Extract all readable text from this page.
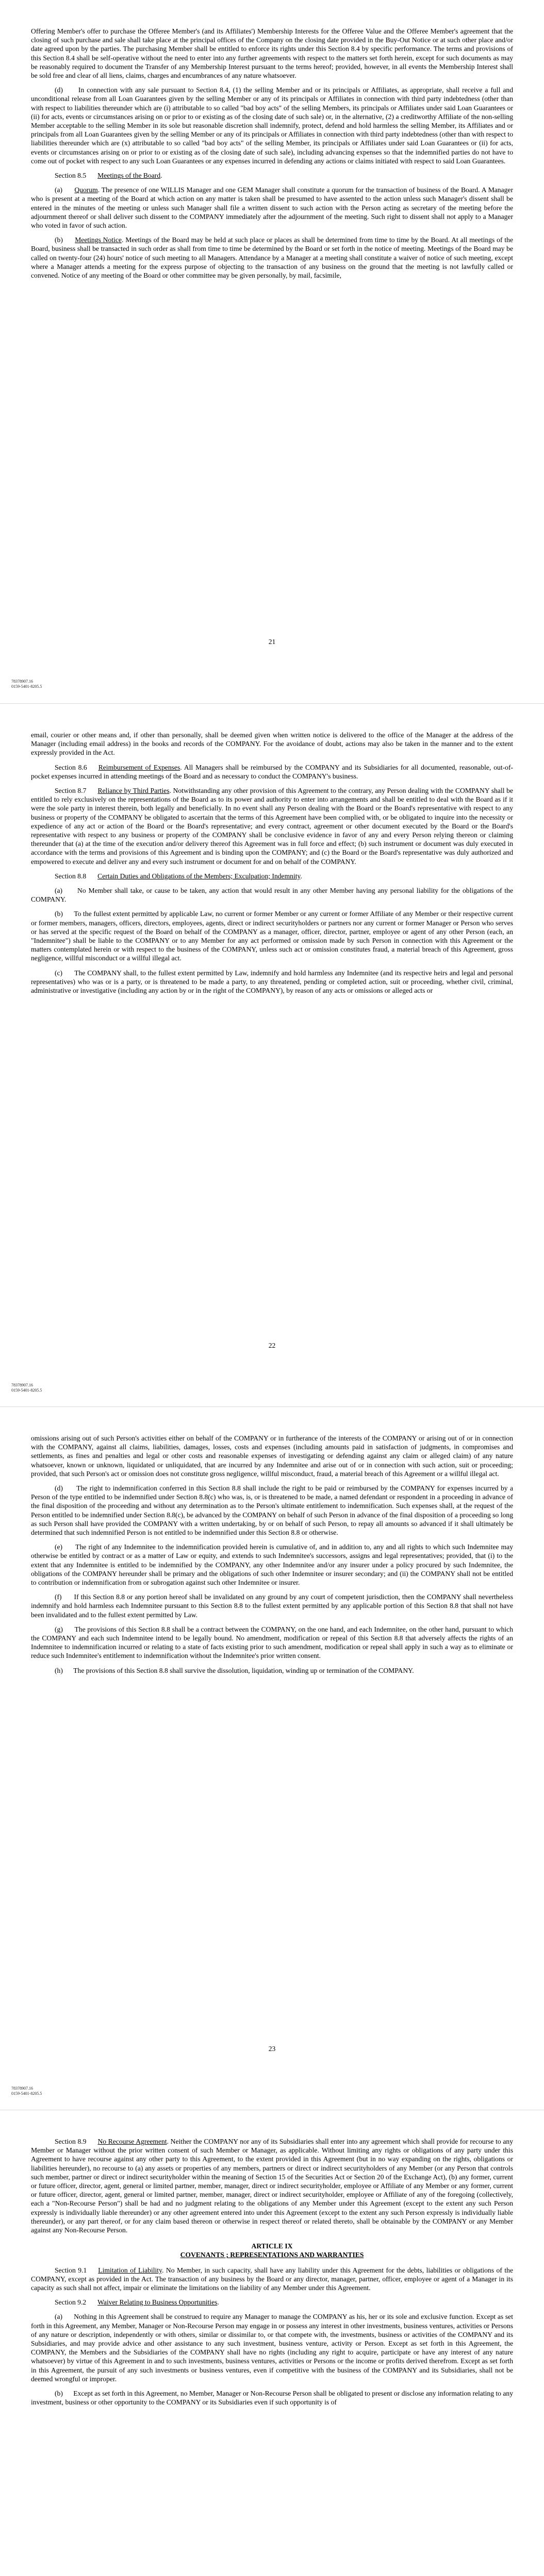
Offering Member's offer to purchase the Offeree Member's (and its Affiliates') Membership Interests for the Offeree Value and the Offeree Member's agreement that the closing of such purchase and sale shall take place at the principal offices of the Company on the closing date provided in the Buy-Out Notice or at such other place and/or date agreed upon by the parties. The purchasing Member shall be entitled to enforce its rights under this Section 8.4 by specific performance. The terms and provisions of this Section 8.4 shall be self-operative without the need to enter into any further agreements with respect to the matters set forth herein, except for such documents as may be reasonably required to document the Transfer of any Membership Interest pursuant to the terms hereof; provided, however, in all events the Membership Interest shall be sold free and clear of all liens, claims, charges and encumbrances of any nature whatsoever.

(d)      In connection with any sale pursuant to Section 8.4, (1) the selling Member and or its principals or Affiliates, as appropriate, shall receive a full and unconditional release from all Loan Guarantees given by the selling Member or any of its principals or Affiliates in connection with third party indebtedness (other than with respect to liabilities thereunder which are (i) attributable to so called "bad boy acts" of the selling Members, its principals or Affiliates under said Loan Guarantees or (ii) for acts, events or circumstances arising on or prior to or existing as of the closing date of such sale) or, in the alternative, (2) a creditworthy Affiliate of the non-selling Member acceptable to the selling Member in its sole but reasonable discretion shall indemnify, protect, defend and hold harmless the selling Member, its Affiliates and or principals from all Loan Guarantees given by the selling Member or any of its principals or Affiliates in connection with third party indebtedness (other than with respect to liabilities thereunder which are (x) attributable to so called "bad boy acts" of the selling Member, its principals or Affiliates under said Loan Guarantees or (ii) for acts, events or circumstances arising on or prior to or existing as of the closing date of such sale), including advancing expenses so that the indemnified parties do not have to come out of pocket with respect to any such Loan Guarantees or any expenses incurred in defending any actions or claims initiated with respect to said Loan Guarantees.

Section 8.5 Meetings of the Board.

(a)      Quorum. The presence of one WILLIS Manager and one GEM Manager shall constitute a quorum for the transaction of business of the Board. A Manager who is present at a meeting of the Board at which action on any matter is taken shall be presumed to have assented to the action unless such Manager's dissent shall be entered in the minutes of the meeting or unless such Manager shall file a written dissent to such action with the Person acting as secretary of the meeting before the adjournment thereof or shall deliver such dissent to the COMPANY immediately after the adjournment of the meeting. Such right to dissent shall not apply to a Manager who voted in favor of such action.

(b)      Meetings Notice. Meetings of the Board may be held at such place or places as shall be determined from time to time by the Board. At all meetings of the Board, business shall be transacted in such order as shall from time to time be determined by the Board or set forth in the notice of meeting. Meetings of the Board may be called on twenty-four (24) hours' notice of such meeting to all Managers. Attendance by a Manager at a meeting shall constitute a waiver of notice of such meeting, except where a Manager attends a meeting for the express purpose of objecting to the transaction of any business on the ground that the meeting is not lawfully called or convened. Notice of any meeting of the Board or other committee may be given personally, by mail, facsimile,

21
78378907.16
0159-5401-8205.5

email, courier or other means and, if other than personally, shall be deemed given when written notice is delivered to the office of the Manager at the address of the Manager (including email address) in the books and records of the COMPANY. For the avoidance of doubt, actions may also be taken in the manner and to the extent expressly provided in the Act.

Section 8.6 Reimbursement of Expenses. All Managers shall be reimbursed by the COMPANY and its Subsidiaries for all documented, reasonable, out-of-pocket expenses incurred in attending meetings of the Board and as necessary to conduct the COMPANY's business.

Section 8.7 Reliance by Third Parties. Notwithstanding any other provision of this Agreement to the contrary, any Person dealing with the COMPANY shall be entitled to rely exclusively on the representations of the Board as to its power and authority to enter into arrangements and shall be entitled to deal with the Board as if it were the sole party in interest therein, both legally and beneficially. In no event shall any Person dealing with the Board or the Board's representative with respect to any business or property of the COMPANY be obligated to ascertain that the terms of this Agreement have been complied with, or be obligated to inquire into the necessity or expedience of any act or action of the Board or the Board's representative; and every contract, agreement or other document executed by the Board or the Board's representative with respect to any business or property of the COMPANY shall be conclusive evidence in favor of any and every Person relying thereon or claiming thereunder that (a) at the time of the execution and/or delivery thereof this Agreement was in full force and effect; (b) such instrument or document was duly executed in accordance with the terms and provisions of this Agreement and is binding upon the COMPANY; and (c) the Board or the Board's representative was duly authorized and empowered to execute and deliver any and every such instrument or document for and on behalf of the COMPANY.

Section 8.8 Certain Duties and Obligations of the Members; Exculpation; Indemnity.

(a)      No Member shall take, or cause to be taken, any action that would result in any other Member having any personal liability for the obligations of the COMPANY.

(b)      To the fullest extent permitted by applicable Law, no current or former Member or any current or former Affiliate of any Member or their respective current or former members, managers, officers, directors, employees, agents, direct or indirect securityholders or partners nor any current or former Manager or Person who serves or has served at the specific request of the Board on behalf of the COMPANY as a manager, officer, director, partner, employee or agent of any other Person (each, an "Indemnitee") shall be liable to the COMPANY or to any Member for any act performed or omission made by such Person in connection with this Agreement or the matters contemplated herein or with respect to the business of the COMPANY, unless such act or omission constitutes fraud, a material breach of this Agreement, gross negligence, willful misconduct or a willful illegal act.

(c)      The COMPANY shall, to the fullest extent permitted by Law, indemnify and hold harmless any Indemnitee (and its respective heirs and legal and personal representatives) who was or is a party, or is threatened to be made a party, to any threatened, pending or completed action, suit or proceeding, whether civil, criminal, administrative or investigative (including any action by or in the right of the COMPANY), by reason of any acts or omissions or alleged acts or

22
78378907.16
0159-5401-8205.5

omissions arising out of such Person's activities either on behalf of the COMPANY or in furtherance of the interests of the COMPANY or arising out of or in connection with the COMPANY, against all claims, liabilities, damages, losses, costs and expenses (including amounts paid in satisfaction of judgments, in compromises and settlements, as fines and penalties and legal or other costs and reasonable expenses of investigating or defending against any claim or alleged claim) of any nature whatsoever, known or unknown, liquidated or unliquidated, that are incurred by any Indemnitee and arise out of or in connection with such action, suit or proceeding; provided, that such Person's act or omission does not constitute gross negligence, willful misconduct, fraud, a material breach of this Agreement or a willful illegal act.

(d)      The right to indemnification conferred in this Section 8.8 shall include the right to be paid or reimbursed by the COMPANY for expenses incurred by a Person of the type entitled to be indemnified under Section 8.8(c) who was, is, or is threatened to be made, a named defendant or respondent in a proceeding in advance of the final disposition of the proceeding and without any determination as to the Person's ultimate entitlement to indemnification. Such expenses shall, at the request of the Person entitled to be indemnified under Section 8.8(c), be advanced by the COMPANY on behalf of such Person in advance of the final disposition of a proceeding so long as such Person shall have provided the COMPANY with a written undertaking, by or on behalf of such Person, to repay all amounts so advanced if it shall ultimately be determined that such indemnified Person is not entitled to be indemnified under this Section 8.8 or otherwise.

(e)      The right of any Indemnitee to the indemnification provided herein is cumulative of, and in addition to, any and all rights to which such Indemnitee may otherwise be entitled by contract or as a matter of Law or equity, and extends to such Indemnitee's successors, assigns and legal representatives; provided, that (i) to the extent that any Indemnitee is entitled to be indemnified by the COMPANY, any other Indemnitee and/or any insurer under a policy procured by such Indemnitee, the obligations of the COMPANY hereunder shall be primary and the obligations of such other Indemnitee or insurer secondary; and (ii) the COMPANY shall not be entitled to contribution or indemnification from or subrogation against such other Indemnitee or insurer.

(f)      If this Section 8.8 or any portion hereof shall be invalidated on any ground by any court of competent jurisdiction, then the COMPANY shall nevertheless indemnify and hold harmless each Indemnitee pursuant to this Section 8.8 to the fullest extent permitted by any applicable portion of this Section 8.8 that shall not have been invalidated and to the fullest extent permitted by Law.

(g)      The provisions of this Section 8.8 shall be a contract between the COMPANY, on the one hand, and each Indemnitee, on the other hand, pursuant to which the COMPANY and each such Indemnitee intend to be legally bound. No amendment, modification or repeal of this Section 8.8 that adversely affects the rights of an Indemnitee to indemnification incurred or relating to a state of facts existing prior to such amendment, modification or repeal shall apply in such a way as to eliminate or reduce such Indemnitee's entitlement to indemnification without the Indemnitee's prior written consent.

(h)      The provisions of this Section 8.8 shall survive the dissolution, liquidation, winding up or termination of the COMPANY.

23
78378907.16
0159-5401-8205.5

Section 8.9 No Recourse Agreement. Neither the COMPANY nor any of its Subsidiaries shall enter into any agreement which shall provide for recourse to any Member or Manager without the prior written consent of such Member or Manager, as applicable. Without limiting any rights or obligations of any party under this Agreement to have recourse against any other party to this Agreement, to the extent provided in this Agreement (but in no way expanding on the rights, obligations or liabilities hereunder), no recourse to (a) any assets or properties of any members, partners or direct or indirect securityholders of any Member (or any Person that controls such member, partner or direct or indirect securityholder within the meaning of Section 15 of the Securities Act or Section 20 of the Exchange Act), (b) any former, current or future officer, director, agent, general or limited partner, member, manager, direct or indirect securityholder, employee or Affiliate of any Member or any former, current or future officer, director, agent, general or limited partner, member, manager, direct or indirect securityholder, employee or Affiliate of any of the foregoing (collectively, each a "Non-Recourse Person") shall be had and no judgment relating to the obligations of any Member under this Agreement (except to the extent any such Person expressly is individually liable thereunder) or any other agreement entered into under this Agreement (except to the extent any such Person expressly is individually liable thereunder), or any part thereof, or for any claim based thereon or otherwise in respect thereof or related thereto, shall be obtainable by the COMPANY or any Member against any Non-Recourse Person.

ARTICLE IX
COVENANTS ; REPRESENTATIONS AND WARRANTIES

Section 9.1 Limitation of Liability. No Member, in such capacity, shall have any liability under this Agreement for the debts, liabilities or obligations of the COMPANY, except as provided in the Act. The transaction of any business by the Board or any director, manager, partner, officer, employee or agent of a Manager in its capacity as such shall not affect, impair or eliminate the limitations on the liability of any Member under this Agreement.

Section 9.2 Waiver Relating to Business Opportunities.

(a)      Nothing in this Agreement shall be construed to require any Manager to manage the COMPANY as his, her or its sole and exclusive function. Except as set forth in this Agreement, any Member, Manager or Non-Recourse Person may engage in or possess any interest in other investments, business ventures, activities or Persons of any nature or description, independently or with others, similar or dissimilar to, or that compete with, the investments, business or activities of the COMPANY and its Subsidiaries, and may provide advice and other assistance to any such investment, business venture, activity or Person. Except as set forth in this Agreement, the COMPANY, the Members and the Subsidiaries of the COMPANY shall have no rights (including any right to acquire, participate or have any interest of any nature whatsoever) by virtue of this Agreement in and to such investments, business ventures, activities or Persons or the income or profits derived therefrom. Except as set forth in this Agreement, the pursuit of any such investments or business ventures, even if competitive with the business of the COMPANY and its Subsidiaries, shall not be deemed wrongful or improper.

(b)      Except as set forth in this Agreement, no Member, Manager or Non-Recourse Person shall be obligated to present or disclose any information relating to any investment, business or other opportunity to the COMPANY or its Subsidiaries even if such opportunity is of
